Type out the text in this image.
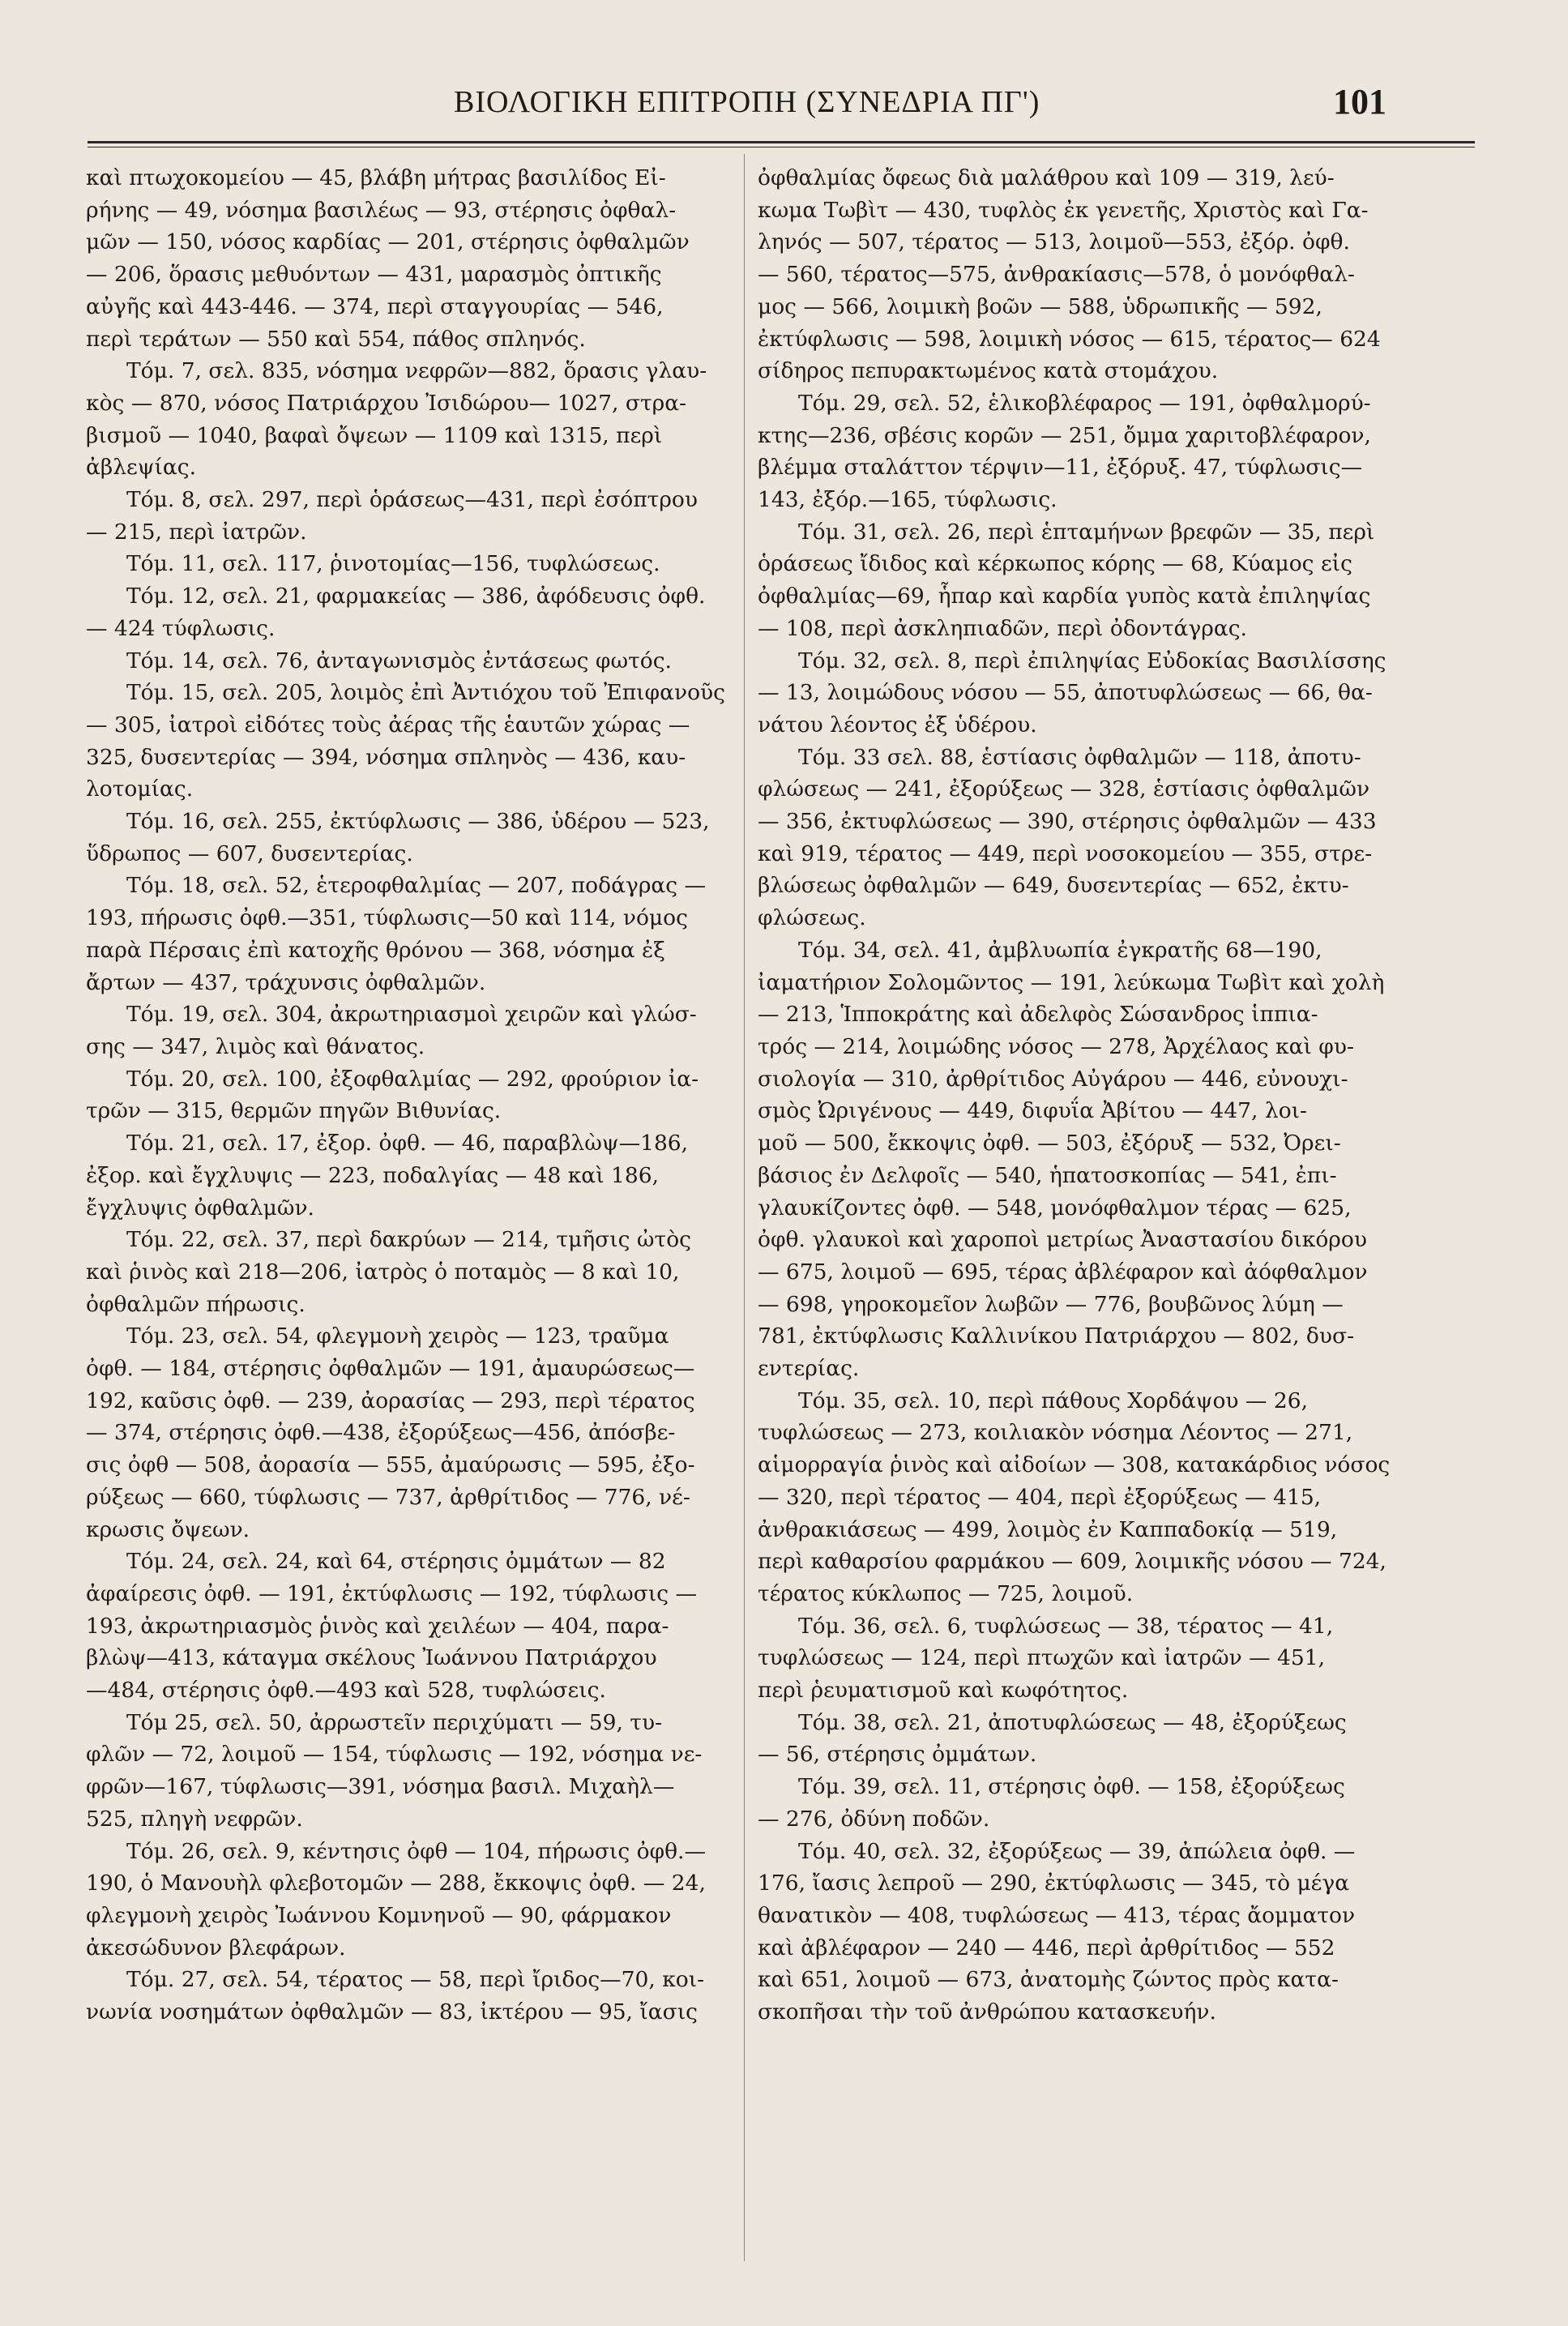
ΒΙΟΛΟΓΙΚΗ ΕΠΙΤΡΟΠΗ (ΣΥΝΕΔΡΙΑ ΠΓ')	101
καὶ πτωχοκομείου — 45, βλάβη μήτρας βασιλίδος Εἰ-
ρήνης — 49, νόσημα βασιλέως — 93, στέρησις ὀφθαλ-
μῶν — 150, νόσος καρδίας — 201, στέρησις ὀφθαλμῶν
— 206, ὅρασις μεθυόντων — 431, μαρασμὸς ὀπτικῆς
αὐγῆς καὶ 443-446. — 374, περὶ σταγγουρίας — 546,
περὶ τεράτων — 550 καὶ 554, πάθος σπληνός.
Τόμ. 7, σελ. 835, νόσημα νεφρῶν—882, ὅρασις γλαυ-
κὸς — 870, νόσος Πατριάρχου Ἰσιδώρου— 1027, στρα-
βισμοῦ — 1040, βαφαὶ ὄψεων — 1109 καὶ 1315, περὶ
ἀβλεψίας.
Τόμ. 8, σελ. 297, περὶ ὁράσεως—431, περὶ ἐσόπτρου
— 215, περὶ ἰατρῶν.
Τόμ. 11, σελ. 117, ῥινοτομίας—156, τυφλώσεως.
Τόμ. 12, σελ. 21, φαρμακείας — 386, ἀφόδευσις ὀφθ.
— 424 τύφλωσις.
Τόμ. 14, σελ. 76, ἀνταγωνισμὸς ἐντάσεως φωτός.
Τόμ. 15, σελ. 205, λοιμὸς ἐπὶ Ἀντιόχου τοῦ Ἐπιφανοῦς
— 305, ἰατροὶ εἰδότες τοὺς ἀέρας τῆς ἑαυτῶν χώρας —
325, δυσεντερίας — 394, νόσημα σπληνὸς — 436, καυ-
λοτομίας.
Τόμ. 16, σελ. 255, ἐκτύφλωσις — 386, ὑδέρου — 523,
ὕδρωπος — 607, δυσεντερίας.
Τόμ. 18, σελ. 52, ἑτεροφθαλμίας — 207, ποδάγρας —
193, πήρωσις ὀφθ.—351, τύφλωσις—50 καὶ 114, νόμος
παρὰ Πέρσαις ἐπὶ κατοχῆς θρόνου — 368, νόσημα ἐξ
ἄρτων — 437, τράχυνσις ὀφθαλμῶν.
Τόμ. 19, σελ. 304, ἀκρωτηριασμοὶ χειρῶν καὶ γλώσ-
σης — 347, λιμὸς καὶ θάνατος.
Τόμ. 20, σελ. 100, ἐξοφθαλμίας — 292, φρούριον ἰα-
τρῶν — 315, θερμῶν πηγῶν Βιθυνίας.
Τόμ. 21, σελ. 17, ἐξορ. ὀφθ. — 46, παραβλὼψ—186,
ἐξορ. καὶ ἔγχλυψις — 223, ποδαλγίας — 48 καὶ 186,
ἔγχλυψις ὀφθαλμῶν.
Τόμ. 22, σελ. 37, περὶ δακρύων — 214, τμῆσις ὠτὸς
καὶ ῥινὸς καὶ 218—206, ἰατρὸς ὁ ποταμὸς — 8 καὶ 10,
ὀφθαλμῶν πήρωσις.
Τόμ. 23, σελ. 54, φλεγμονὴ χειρὸς — 123, τραῦμα
ὀφθ. — 184, στέρησις ὀφθαλμῶν — 191, ἀμαυρώσεως—
192, καῦσις ὀφθ. — 239, ἀορασίας — 293, περὶ τέρατος
— 374, στέρησις ὀφθ.—438, ἐξορύξεως—456, ἀπόσβε-
σις ὀφθ — 508, ἀορασία — 555, ἀμαύρωσις — 595, ἐξο-
ρύξεως — 660, τύφλωσις — 737, ἀρθρίτιδος — 776, νέ-
κρωσις ὄψεων.
Τόμ. 24, σελ. 24, καὶ 64, στέρησις ὀμμάτων — 82
ἀφαίρεσις ὀφθ. — 191, ἐκτύφλωσις — 192, τύφλωσις —
193, ἀκρωτηριασμὸς ῥινὸς καὶ χειλέων — 404, παρα-
βλὼψ—413, κάταγμα σκέλους Ἰωάννου Πατριάρχου
—484, στέρησις ὀφθ.—493 καὶ 528, τυφλώσεις.
Τόμ 25, σελ. 50, ἀρρωστεῖν περιχύματι — 59, τυ-
φλῶν — 72, λοιμοῦ — 154, τύφλωσις — 192, νόσημα νε-
φρῶν—167, τύφλωσις—391, νόσημα βασιλ. Μιχαὴλ—
525, πληγὴ νεφρῶν.
Τόμ. 26, σελ. 9, κέντησις ὀφθ — 104, πήρωσις ὀφθ.—
190, ὁ Μανουὴλ φλεβοτομῶν — 288, ἔκκοψις ὀφθ. — 24,
φλεγμονὴ χειρὸς Ἰωάννου Κομνηνοῦ — 90, φάρμακον
ἀκεσώδυνον βλεφάρων.
Τόμ. 27, σελ. 54, τέρατος — 58, περὶ ἴριδος—70, κοι-
νωνία νοσημάτων ὀφθαλμῶν — 83, ἰκτέρου — 95, ἴασις
ὀφθαλμίας ὄφεως διὰ μαλάθρου καὶ 109 — 319, λεύ-
κωμα Τωβὶτ — 430, τυφλὸς ἐκ γενετῆς, Χριστὸς καὶ Γα-
ληνός — 507, τέρατος — 513, λοιμοῦ—553, ἐξόρ. ὀφθ.
— 560, τέρατος—575, ἀνθρακίασις—578, ὁ μονόφθαλ-
μος — 566, λοιμικὴ βοῶν — 588, ὑδρωπικῆς — 592,
ἐκτύφλωσις — 598, λοιμικὴ νόσος — 615, τέρατος— 624
σίδηρος πεπυρακτωμένος κατὰ στομάχου.
Τόμ. 29, σελ. 52, ἑλικοβλέφαρος — 191, ὀφθαλμορύ-
κτης—236, σβέσις κορῶν — 251, ὄμμα χαριτοβλέφαρον,
βλέμμα σταλάττον τέρψιν—11, ἐξόρυξ. 47, τύφλωσις—
143, ἐξόρ.—165, τύφλωσις.
Τόμ. 31, σελ. 26, περὶ ἑπταμήνων βρεφῶν — 35, περὶ
ὁράσεως ἴδιδος καὶ κέρκωπος κόρης — 68, Κύαμος εἰς
ὀφθαλμίας—69, ἧπαρ καὶ καρδία γυπὸς κατὰ ἐπιληψίας
— 108, περὶ ἀσκληπιαδῶν, περὶ ὀδοντάγρας.
Τόμ. 32, σελ. 8, περὶ ἐπιληψίας Εὐδοκίας Βασιλίσσης
— 13, λοιμώδους νόσου — 55, ἀποτυφλώσεως — 66, θα-
νάτου λέοντος ἐξ ὑδέρου.
Τόμ. 33 σελ. 88, ἑστίασις ὀφθαλμῶν — 118, ἀποτυ-
φλώσεως — 241, ἐξορύξεως — 328, ἑστίασις ὀφθαλμῶν
— 356, ἐκτυφλώσεως — 390, στέρησις ὀφθαλμῶν — 433
καὶ 919, τέρατος — 449, περὶ νοσοκομείου — 355, στρε-
βλώσεως ὀφθαλμῶν — 649, δυσεντερίας — 652, ἐκτυ-
φλώσεως.
Τόμ. 34, σελ. 41, ἀμβλυωπία ἐγκρατῆς 68—190,
ἰαματήριον Σολομῶντος — 191, λεύκωμα Τωβὶτ καὶ χολὴ
— 213, Ἱπποκράτης καὶ ἀδελφὸς Σώσανδρος ἱππια-
τρός — 214, λοιμώδης νόσος — 278, Ἀρχέλαος καὶ φυ-
σιολογία — 310, ἀρθρίτιδος Αὐγάρου — 446, εὐνουχι-
σμὸς Ὠριγένους — 449, διφυΐα Ἀβίτου — 447, λοι-
μοῦ — 500, ἔκκοψις ὀφθ. — 503, ἐξόρυξ — 532, Ὀρει-
βάσιος ἐν Δελφοῖς — 540, ἡπατοσκοπίας — 541, ἐπι-
γλαυκίζοντες ὀφθ. — 548, μονόφθαλμον τέρας — 625,
ὀφθ. γλαυκοὶ καὶ χαροποὶ μετρίως Ἀναστασίου δικόρου
— 675, λοιμοῦ — 695, τέρας ἀβλέφαρον καὶ ἀόφθαλμον
— 698, γηροκομεῖον λωβῶν — 776, βουβῶνος λύμη —
781, ἐκτύφλωσις Καλλινίκου Πατριάρχου — 802, δυσ-
εντερίας.
Τόμ. 35, σελ. 10, περὶ πάθους Χορδάψου — 26,
τυφλώσεως — 273, κοιλιακὸν νόσημα Λέοντος — 271,
αἱμορραγία ῥινὸς καὶ αἰδοίων — 308, κατακάρδιος νόσος
— 320, περὶ τέρατος — 404, περὶ ἐξορύξεως — 415,
ἀνθρακιάσεως — 499, λοιμὸς ἐν Καππαδοκίᾳ — 519,
περὶ καθαρσίου φαρμάκου — 609, λοιμικῆς νόσου — 724,
τέρατος κύκλωπος — 725, λοιμοῦ.
Τόμ. 36, σελ. 6, τυφλώσεως — 38, τέρατος — 41,
τυφλώσεως — 124, περὶ πτωχῶν καὶ ἰατρῶν — 451,
περὶ ῥευματισμοῦ καὶ κωφότητος.
Τόμ. 38, σελ. 21, ἀποτυφλώσεως — 48, ἐξορύξεως
— 56, στέρησις ὀμμάτων.
Τόμ. 39, σελ. 11, στέρησις ὀφθ. — 158, ἐξορύξεως
— 276, ὀδύνη ποδῶν.
Τόμ. 40, σελ. 32, ἐξορύξεως — 39, ἀπώλεια ὀφθ. —
176, ἴασις λεπροῦ — 290, ἐκτύφλωσις — 345, τὸ μέγα
θανατικὸν — 408, τυφλώσεως — 413, τέρας ἄομματον
καὶ ἀβλέφαρον — 240 — 446, περὶ ἀρθρίτιδος — 552
καὶ 651, λοιμοῦ — 673, ἀνατομὴς ζώντος πρὸς κατα-
σκοπῆσαι τὴν τοῦ ἀνθρώπου κατασκευήν.
